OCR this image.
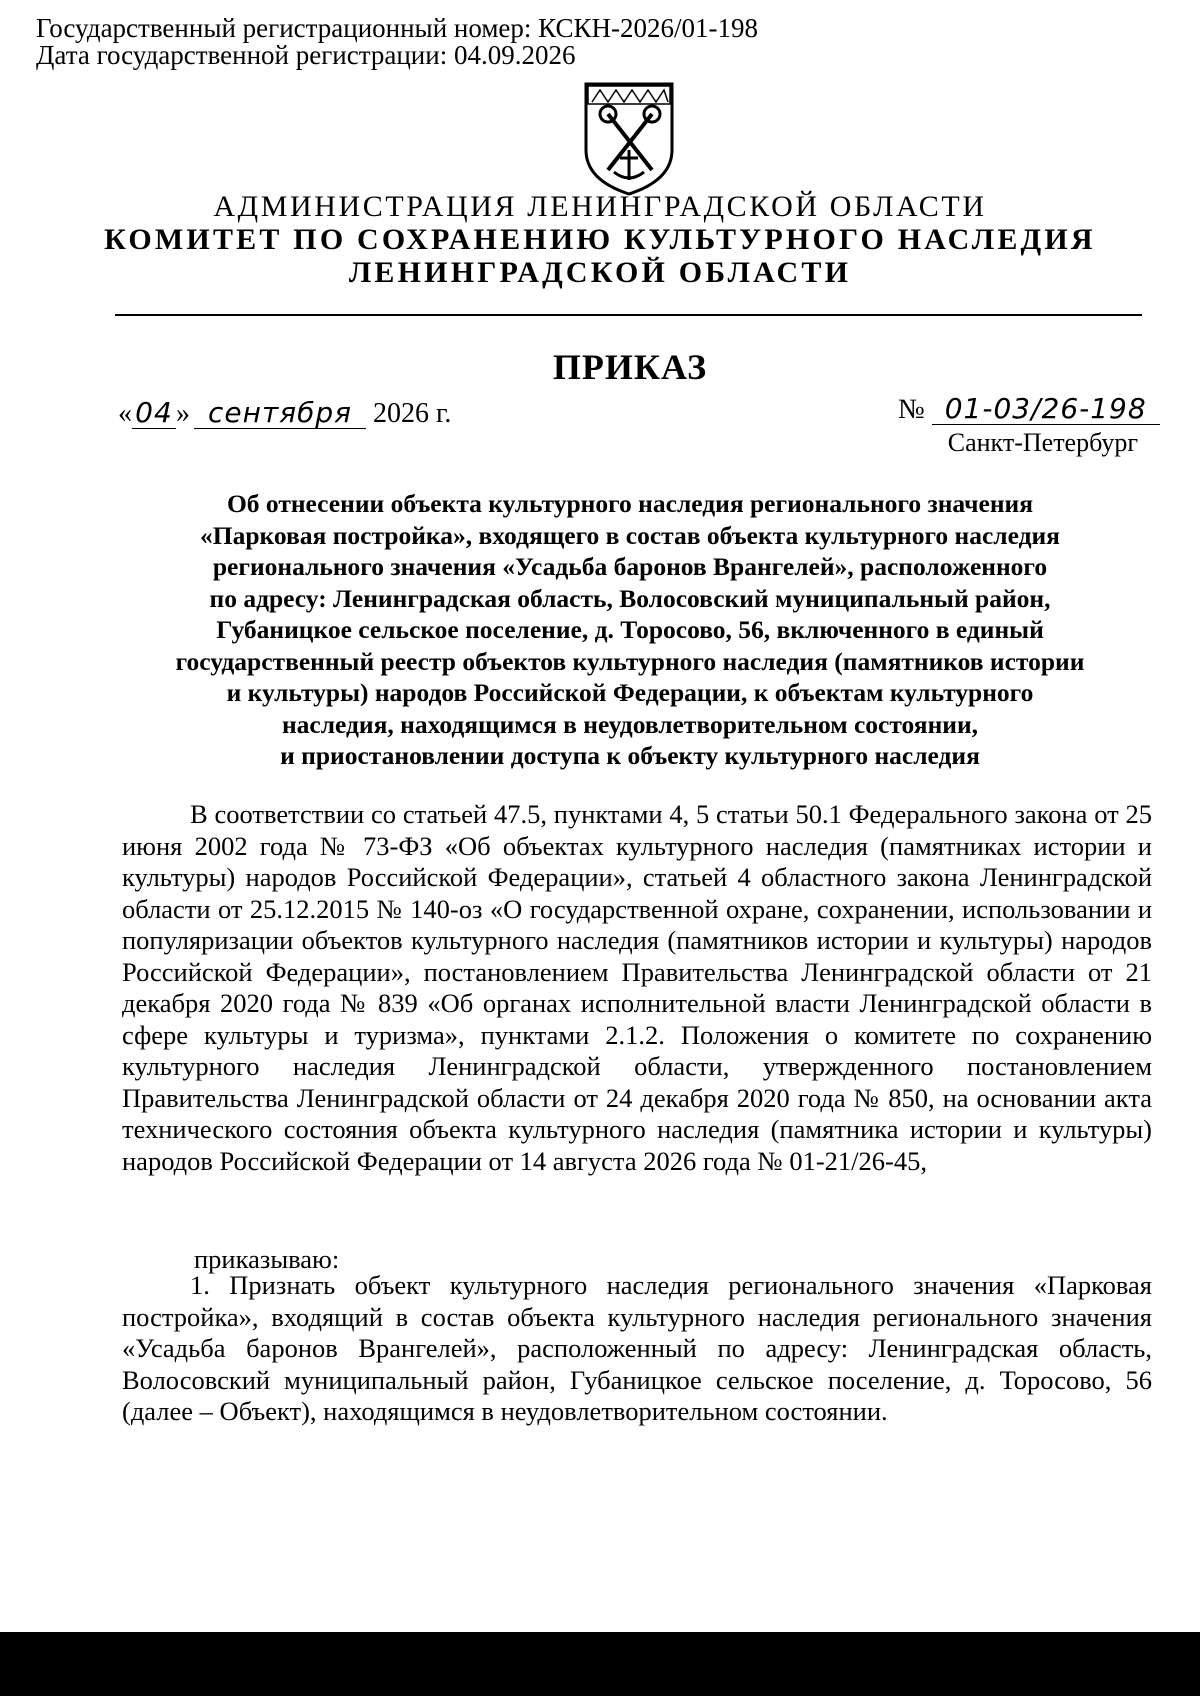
Государственный регистрационный номер: КСКН-2026/01-198
Дата государственной регистрации: 04.09.2026
АДМИНИСТРАЦИЯ ЛЕНИНГРАДСКОЙ ОБЛАСТИ
КОМИТЕТ ПО СОХРАНЕНИЮ КУЛЬТУРНОГО НАСЛЕДИЯ
ЛЕНИНГРАДСКОЙ ОБЛАСТИ
ПРИКАЗ
« 04 » сентября 2026 г.	№ 01-03/26-198
Санкт-Петербург
Об отнесении объекта культурного наследия регионального значения
«Парковая постройка», входящего в состав объекта культурного наследия
регионального значения «Усадьба баронов Врангелей», расположенного
по адресу: Ленинградская область, Волосовский муниципальный район,
Губаницкое сельское поселение, д. Торосово, 56, включенного в единый
государственный реестр объектов культурного наследия (памятников истории
и культуры) народов Российской Федерации, к объектам культурного
наследия, находящимся в неудовлетворительном состоянии,
и приостановлении доступа к объекту культурного наследия
В соответствии со статьей 47.5, пунктами 4, 5 статьи 50.1 Федерального закона от 25 июня 2002 года № 73-ФЗ «Об объектах культурного наследия (памятниках истории и культуры) народов Российской Федерации», статьей 4 областного закона Ленинградской области от 25.12.2015 № 140-оз «О государственной охране, сохранении, использовании и популяризации объектов культурного наследия (памятников истории и культуры) народов Российской Федерации», постановлением Правительства Ленинградской области от 21 декабря 2020 года № 839 «Об органах исполнительной власти Ленинградской области в сфере культуры и туризма», пунктами 2.1.2. Положения о комитете по сохранению культурного наследия Ленинградской области, утвержденного постановлением Правительства Ленинградской области от 24 декабря 2020 года № 850, на основании акта технического состояния объекта культурного наследия (памятника истории и культуры) народов Российской Федерации от 14 августа 2026 года № 01-21/26-45,
приказываю:
1. Признать объект культурного наследия регионального значения «Парковая постройка», входящий в состав объекта культурного наследия регионального значения «Усадьба баронов Врангелей», расположенный по адресу: Ленинградская область, Волосовский муниципальный район, Губаницкое сельское поселение, д. Торосово, 56 (далее – Объект), находящимся в неудовлетворительном состоянии.
